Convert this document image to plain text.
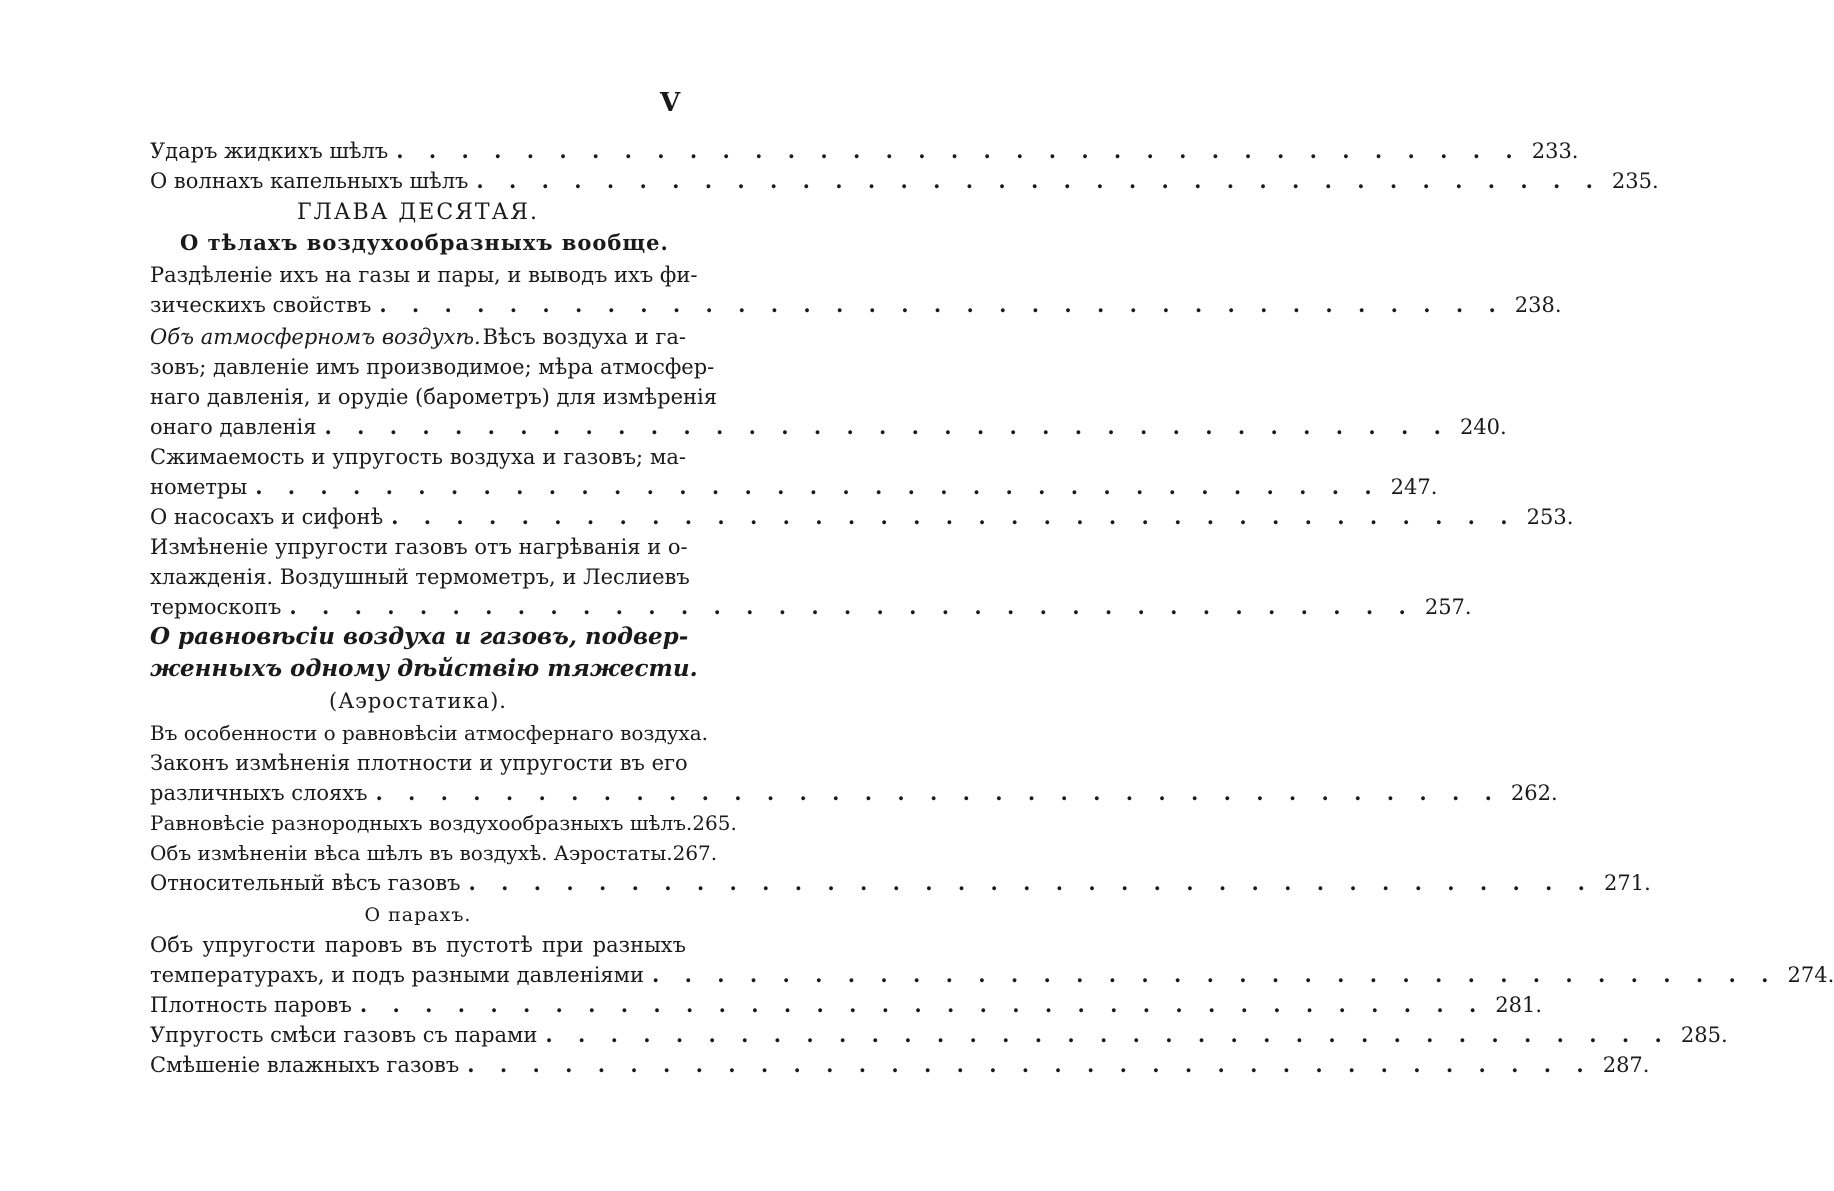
V
Ударъ жидкихъ шѣлъ . . . . . . . . . . . . . . . . . . . . . . . . . . . . . . . . . . . 233.
О волнахъ капельныхъ шѣлъ . . . . . . . . . . . . . . . . . . . . . . . . . . . . . . . . . . . 235.
ГЛАВА ДЕСЯТАЯ.
О тѣлахъ воздухообразныхъ вообще.
Раздѣленіе ихъ на газы и пары, и выводъ ихъ фи-
зическихъ свойствъ . . . . . . . . . . . . . . . . . . . . . . . . . . . . . . . . . . . 238.
Объ атмосферномъ воздухѣ. Вѣсъ воздуха и га-
зовъ; давленіе имъ производимое; мѣра атмосфер-
наго давленія, и орудіе (барометръ) для измѣренія
онаго давленія . . . . . . . . . . . . . . . . . . . . . . . . . . . . . . . . . . . 240.
Сжимаемость и упругость воздуха и газовъ; ма-
нометры . . . . . . . . . . . . . . . . . . . . . . . . . . . . . . . . . . . 247.
О насосахъ и сифонѣ . . . . . . . . . . . . . . . . . . . . . . . . . . . . . . . . . . . 253.
Измѣненіе упругости газовъ отъ нагрѣванія и о-
хлажденія. Воздушный термометръ, и Леслиевъ
термоскопъ . . . . . . . . . . . . . . . . . . . . . . . . . . . . . . . . . . . 257.
О равновѣсіи воздуха и газовъ, подвер-
женныхъ одному дѣйствію тяжести.
(Аэростатика).
Въ особенности о равновѣсіи атмосфернаго воздуха.
Законъ измѣненія плотности и упругости въ его
различныхъ слояхъ . . . . . . . . . . . . . . . . . . . . . . . . . . . . . . . . . . . 262.
Равновѣсіе разнородныхъ воздухообразныхъ шѣлъ. 265.
Объ измѣненіи вѣса шѣлъ въ воздухѣ. Аэростаты. 267.
Относительный вѣсъ газовъ . . . . . . . . . . . . . . . . . . . . . . . . . . . . . . . . . . . 271.
О парахъ.
Объ упругости паровъ въ пустотѣ при разныхъ
температурахъ, и подъ разными давленіями . . . . . . . . . . . . . . . . . . . . . . . . . . . . . . . . . . . 274.
Плотность паровъ . . . . . . . . . . . . . . . . . . . . . . . . . . . . . . . . . . . 281.
Упругость смѣси газовъ съ парами . . . . . . . . . . . . . . . . . . . . . . . . . . . . . . . . . . . 285.
Смѣшеніе влажныхъ газовъ . . . . . . . . . . . . . . . . . . . . . . . . . . . . . . . . . . . 287.
